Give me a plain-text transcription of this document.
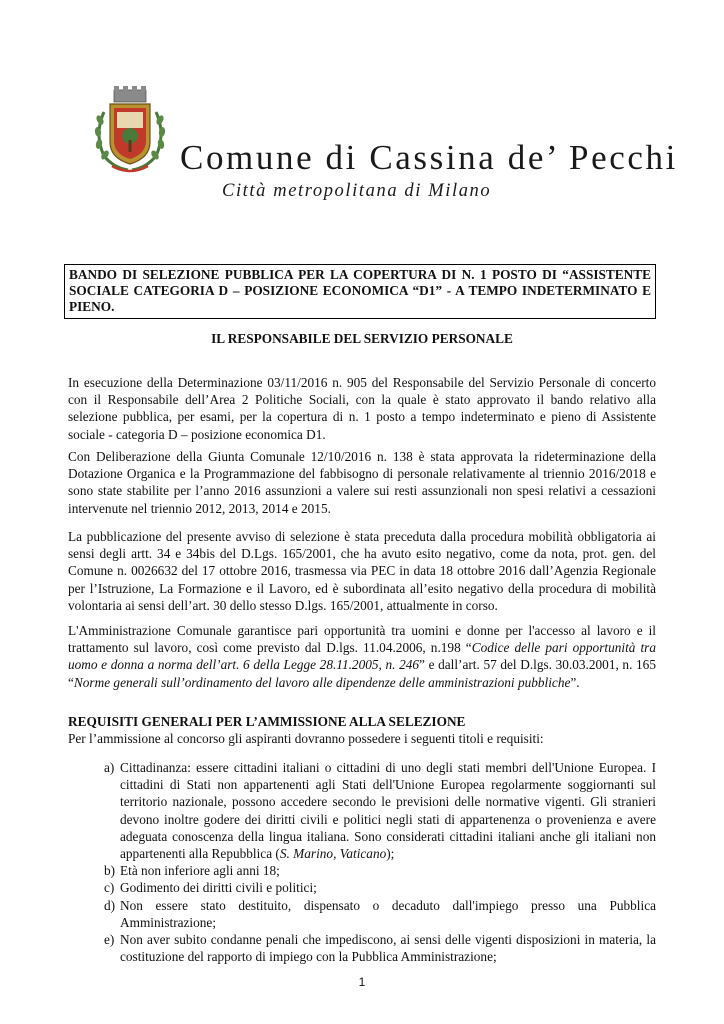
Comune di Cassina de’ Pecchi
Città metropolitana di Milano
BANDO DI SELEZIONE PUBBLICA PER LA COPERTURA DI N. 1 POSTO DI “ASSISTENTE SOCIALE CATEGORIA D – POSIZIONE ECONOMICA “D1” - A TEMPO INDETERMINATO E PIENO.
IL RESPONSABILE DEL SERVIZIO PERSONALE

In esecuzione della Determinazione 03/11/2016 n. 905 del Responsabile del Servizio Personale di concerto con il Responsabile dell’Area 2 Politiche Sociali, con la quale è stato approvato il bando relativo alla selezione pubblica, per esami, per la copertura di n. 1 posto a tempo indeterminato e pieno di Assistente sociale - categoria D – posizione economica D1.

Con Deliberazione della Giunta Comunale 12/10/2016 n. 138 è stata approvata la rideterminazione della Dotazione Organica e la Programmazione del fabbisogno di personale relativamente al triennio 2016/2018 e sono state stabilite per l’anno 2016 assunzioni a valere sui resti assunzionali non spesi relativi a cessazioni intervenute nel triennio 2012, 2013, 2014 e 2015.

La pubblicazione del presente avviso di selezione è stata preceduta dalla procedura mobilità obbligatoria ai sensi degli artt. 34 e 34bis del D.Lgs. 165/2001, che ha avuto esito negativo, come da nota, prot. gen. del Comune n. 0026632 del 17 ottobre 2016, trasmessa via PEC in data 18 ottobre 2016 dall’Agenzia Regionale per l’Istruzione, La Formazione e il Lavoro, ed è subordinata all’esito negativo della procedura di mobilità volontaria ai sensi dell’art. 30 dello stesso D.lgs. 165/2001, attualmente in corso.

L'Amministrazione Comunale garantisce pari opportunità tra uomini e donne per l'accesso al lavoro e il trattamento sul lavoro, così come previsto dal D.lgs. 11.04.2006, n.198 “Codice delle pari opportunità tra uomo e donna a norma dell’art. 6 della Legge 28.11.2005, n. 246” e dall’art. 57 del D.lgs. 30.03.2001, n. 165 “Norme generali sull’ordinamento del lavoro alle dipendenze delle amministrazioni pubbliche”.

REQUISITI GENERALI PER L’AMMISSIONE ALLA SELEZIONE
Per l’ammissione al concorso gli aspiranti dovranno possedere i seguenti titoli e requisiti:
a) Cittadinanza: essere cittadini italiani o cittadini di uno degli stati membri dell'Unione Europea. I cittadini di Stati non appartenenti agli Stati dell'Unione Europea regolarmente soggiornanti sul territorio nazionale, possono accedere secondo le previsioni delle normative vigenti. Gli stranieri devono inoltre godere dei diritti civili e politici negli stati di appartenenza o provenienza e avere adeguata conoscenza della lingua italiana. Sono considerati cittadini italiani anche gli italiani non appartenenti alla Repubblica (S. Marino, Vaticano);
b) Età non inferiore agli anni 18;
c) Godimento dei diritti civili e politici;
d) Non essere stato destituito, dispensato o decaduto dall'impiego presso una Pubblica Amministrazione;
e) Non aver subito condanne penali che impediscono, ai sensi delle vigenti disposizioni in materia, la costituzione del rapporto di impiego con la Pubblica Amministrazione;
1
